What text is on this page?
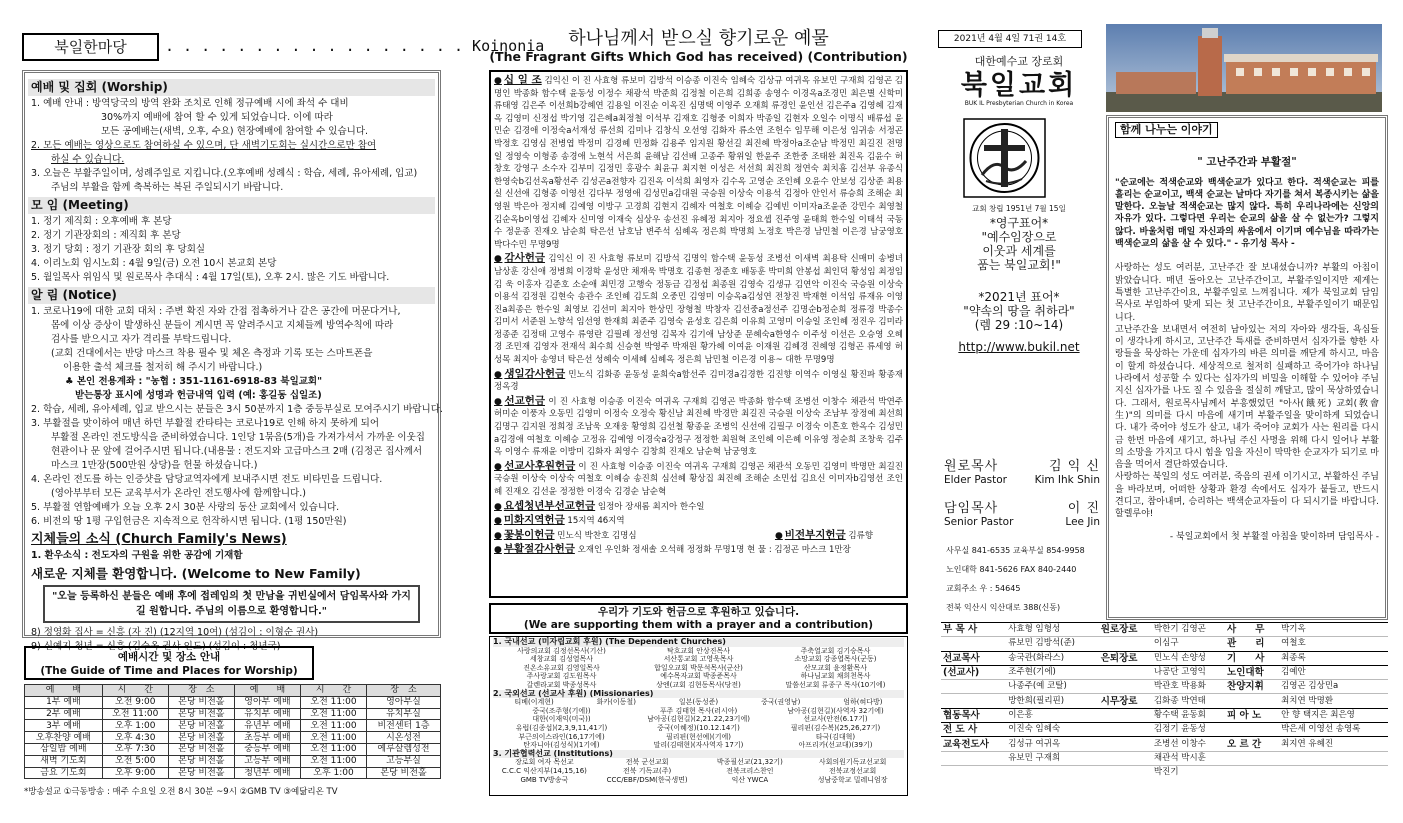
북일한마당	. . . . . . . . . . . . . . . . . Koinonia
예배 및 집회 (Worship)
1. 예배 안내 : 방역당국의 방역 완화 조치로 인해 정규예배 시에 좌석 수 대비
30%까지 예배에 참여 할 수 있게 되었습니다. 이에 따라
모든 공예배는(새벽, 오후, 수요) 현장예배에 참여할 수 있습니다.
2. 모든 예배는 영상으로도 참여하실 수 있으며, 단 새벽기도회는 실시간으로만 참여
하실 수 있습니다.
3. 오늘은 부활주일이며, 성례주일로 지킵니다.(오후예배 성례식 : 학습, 세례, 유아세례, 입교)
주님의 부활을 함께 축복하는 복된 주일되시기 바랍니다.
모 임 (Meeting)
1. 정기 제직회 : 오후예배 후 본당
2. 정기 기관장회의 : 제직회 후 본당
3. 정기 당회 : 정기 기관장 회의 후 당회실
4. 이리노회 임시노회 : 4월 9일(금) 오전 10시 본교회 본당
5. 월일목사 위임식 및 원로목사 추대식 : 4월 17일(토), 오후 2시. 많은 기도 바랍니다.
알 림 (Notice)
1. 코로나19에 대한 교회 대처 : 주변 확진 자와 간접 접촉하거나 같은 공간에 머문다거나,
몸에 이상 증상이 발생하신 분들이 계시면 꼭 알려주시고 지체들께 방역수칙에 따라
검사를 받으시고 자가 격리를 부탁드립니다.
(교회 건대에서는 반당 마스크 착용 필수 및 체온 측정과 기록 또는 스마트폰을
이용한 출석 체크를 철저히 해 주시기 바랍니다.)
♣ 본인 전용계좌 : "농협 : 351-1161-6918-83 북일교회"
받는통장 표시에 성명과 헌금내역 입력 (예: 홍길동 십일조)
2. 학습, 세례, 유아세례, 입교 받으시는 분들은 3시 50분까지 1층 중등부실로 모여주시기 바랍니다.
3. 부활절을 맞이하여 매년 하던 부활절 칸타타는 코로나19로 인해 하지 못하게 되어
부활절 온라인 전도방식을 준비하였습니다. 1인당 1묶음(5개)을 가져가셔서 가까운 이웃집
현관이나 문 앞에 걸어주시면 됩니다.(내용물 : 전도지와 고급마스크 2매 (김정곤 집사께서
마스크 1만장(500만원 상당)을 헌물 하셨습니다.)
4. 온라인 전도를 하는 인증샷을 담당교역자에게 보내주시면 전도 비타민을 드립니다.
(영아부부터 모든 교육부서가 온라인 전도행사에 함께합니다.)
5. 부활절 연합예배가 오늘 오후 2시 30분 사랑의 동산 교회에서 있습니다.
6. 비전의 땅 1평 구입헌금은 지속적으로 헌작하시면 됩니다. (1평 150만원)
지체들의 소식 (Church Family's News)
1. 환우소식 : 전도자의 구원을 위한 공감에 기재함
새로운 지체를 환영합니다. (Welcome to New Family)
"오늘 등록하신 분들은 예배 후에 접레임의 첫 만남을 귀빈실에서 담임목사와 가지길 원합니다. 주님의 이름으로 환영합니다."
8) 정영화 집사 = 신흥 (자 진) (12지역 10여) (섬김이 : 이형순 권사)
9) 신예지 청년 = 신흥 (김수옥 권사 인도) (섬김이 : 청년국)
예배시간 및 장소 안내
(The Guide of Time and Places for Worship)
예　　배	시　　간	장　소	예　　배	시　　간	장　소
1부 예배	오전 9:00	본당 비전홀	영아부 예배	오전 11:00	영아부실
2부 예배	오전 11:00	본당 비전홀	유치부 예배	오전 11:00	유치부실
3부 예배	오후 1:00	본당 비전홀	유년부 예배	오전 11:00	비전센터 1층
오후찬양 예배	오후 4:30	본당 비전홀	초등부 예배	오전 11:00	시온성전
삼일밤 예배	오후 7:30	본당 비전홀	중등부 예배	오전 11:00	예루살렘성전
새벽 기도회	오전 5:00	본당 비전홀	고등부 예배	오전 11:00	고등부실
금요 기도회	오후 9:00	본당 비전홀	청년부 예배	오후 1:00	본당 비전홀
*방송설교 ①극동방송 : 매주 수요일 오전 8시 30분 ~9시 ②GMB TV ③예닮리온 TV
하나님께서 받으실 향기로운 예물
(The Fragrant Gifts Which God has received) (Contribution)
● 십 일 조 김익신 이 진 사효형 류보미 김방석 이승종 이진숙 임혜숙 김상규 여귀옥 유보민 구재희 김영곤 김명인 박종화 함수택 윤동성 이정수 채광석 박준희 김정철 이은희 김희종 송영수 이경옥a조경민 최은별 신학미 류태영 김은주 이선희b강혜연 김용일 이진순 이옥진 심명택 이영주 오재희 류경인 윤인선 김은주a 김영혜 김재옥 김영미 신정섭 박기영 김은혜a최정철 이석부 김재호 김형중 이희자 박종일 김현자 오일수 이명식 배류섭 윤민순 김경애 이정숙a서재성 류선희 김미나 김창식 오선영 김화자 류소연 조헌수 임무해 이은성 임귀송 서정곤 박정호 김영심 전병엽 박정미 김경혜 민정화 김용주 임지원 황선길 최진혜 박정아a조순남 박정민 최길진 전명일 정영숙 이형종 송경애 노현석 서은희 윤해남 김선배 고종주 황위일 한윤주 조한중 조태완 최진옥 김윤수 허창호 강영구 소수자 김부미 김정민 홍광수 최윤규 최지현 이성은 서선희 최진희 정연숙 최치흠 김선부 유종식 한영숙b김선옥a황선주 김성곤a전향자 김진옥 이석희 최영자 김수옥 고영순 조인혜 오윤수 안보성 김상준 최용실 신선애 김형종 이영선 김다부 정영애 김성민a김대원 국승원 이상숙 이용석 김정아 안인서 류승희 조해순 최영원 박은아 정지혜 김예영 이방구 고경희 김현지 김혜자 여철호 이혜승 김예빈 이미자a조윤준 강민수 최영철 김순옥b이영섭 김혜자 신미영 이재숙 심상우 송선진 유혜정 최지아 정요셉 진주영 윤태희 한수일 이태석 국동수 정운종 진재오 남순희 탁은선 남호남 변주석 심혜옥 정은희 박명희 노정호 박은경 남민철 이은경 남궁영호 박다수민 무명9명
● 감사헌금 김익신 이 진 사효형 류보미 김방석 김명익 함수택 윤동성 조병선 이새벽 최용탁 신매미 송병녀 남상훈 강신애 정병희 이경학 윤성만 채재욱 박명호 김종현 정준호 배동훈 박미희 안봉섭 최인덕 황성임 최정임 김 욱 이홍자 김준호 소순애 최민경 고행숙 정동금 김정섭 최종원 김영숙 김생규 김연악 이진숙 국승원 이상숙 이용석 김정원 김현숙 송관수 조인혜 김도희 오중민 김영미 이승옥a김성연 전창진 박재현 이석임 류재유 이영진a최종은 한수일 최영보 김선미 최지아 한상민 장형철 박창자 김선중a정선주 김명순b정순희 정류경 박종수 김미서 서준원 노향석 임선영 한재희 최준주 김영숙 윤성호 김은희 이유희 고영미 이승일 조인혜 정진우 김미라 정종준 김정태 고영수 류영란 김필례 정선영 김목자 김기애 남상준 문혜숙a한영수 이주성 이선은 오승영 오혜경 조민재 김영자 전재석 최수희 신승현 박영주 박재원 황가혜 이여윤 이재원 김혜경 진혜영 김형곤 류세영 허성목 최지아 송영녀 탁은선 성혜숙 이세혜 심혜옥 정은희 남민철 이은경 이용~ 대한 무명9명
● 생일감사헌금 민노식 김화종 윤동성 윤희숙a함선주 김미경a김경한 김진향 이역수 이영실 황진파 황종재 정옥경
● 선교헌금 이 진 사효형 이승종 이진숙 여귀옥 구재희 김영곤 박종화 함수택 조병선 이창수 채관석 박연주 허미순 이풍자 오동민 김영미 이정숙 오정숙 황신남 최진혜 박경만 최길진 국승원 이상숙 조남부 장정예 최선희 김명구 김지원 정희정 조남욱 오재웅 황영희 김선철 황종윤 조병익 신선애 김필구 이경숙 이흔호 한옥수 김성민a김경애 여철호 이혜승 고정유 김예영 이경숙a강정구 정정한 최원혁 조인혜 이은혜 이유영 정순희 조창욱 김주옥 이영수 류재윤 이방미 김화자 최영수 김창희 진재오 남순혁 남궁영호
● 선교사후원헌금 이 진 사효형 이승종 이진숙 여귀옥 구재희 김영곤 채관석 오동민 김영미 박명만 최길진 국승원 이상숙 이상숙 여철호 이혜승 송진희 심선혜 황상집 최진혜 조해순 소민섭 김요신 이미자b김영선 조인혜 진재오 김선윤 정정한 이경숙 김경순 남순혁
● 요셉청년부선교헌금 임정아 장새롬 최지아 한수일
● 미화지역헌금 15지역 46지역
● 꽃봉이헌금 민노식 박찬호 김명심	● 비전부지헌금 김류향
● 부활절감사헌금 오재인 우인화 정새솔 오석해 정정화 무명1명 현 물 : 김정곤 마스크 1만장
우리가 기도와 헌금으로 후원하고 있습니다.
(We are supporting them with a prayer and a contribution)
1. 국내선교 (미자립교회 후원) (The Dependent Churches)
사랑의교회 김정선목사(기산)	탁흐교회 안상진목사	주축열교회 김기승목사
세창교회 김성열목사	서산통교회 고영욱목사	소망교회 강종엽목사(군동)
진온소유교회 김영일목사	합일오교회 박문석목사(군산)	산모교회 윤정환목사
주사랑교회 김도원목사	예수목자교회 박종준목사	하나님교회 채희천목사
갈렌라교회 박종성목사	상엔(교회 김현동목사(당전)	말씀선교회 류종구 목사(10기에)
2. 국외선교 (선교사 후원) (Missionaries)
티베(이계현)	화카(이동철)	일본(동성준)	중국(권영남)	엄하(혀다방)
중국(조주형(기에))	푸주 김태현 목사(러시아)	남아공(김현길)(사역자 32기에)
대한(이재익(미국))	남아공(김현길)(2,21.22,23기에)	선교사(안전(6.17기)
유럽(김종섭)(2,3,9,11,41기)	중국(이혜정)(10.12.14기)	필리핀(김수복)(25,26,27기)
부근의이스라인(16,17기에)	필리핀(현선예)(기에)	타국(김대혁)
탄자니아(김성식)(1기에)	말리(김태현)(자사역자 17기)	아프리카(선교대)(39기)
3. 기관협력선교 (Institutions)
장로회 여자 목선교	전북 군선교회	박종필선교(21,32기)	사회의원기독교선교회
C.C.C 익산지부(14,15,16)	전북 기독교(주)	전북크리스찬인	전북교정선교회
GMB TV방송국	CCC/EBF/DSM(한국생면)	익산 YWCA	성남중학교 밀레니엄장
2021년 4월 4일 71권 14호
대한예수교 장로회
북일교회
BUK IL Presbyterian Church in Korea
교회 창립 1951년 7월 15일
*영구표어*
"예수임장으로
이웃과 세계를
품는 북일교회!"
*2021년 표어*
"약속의 땅을 취하라"
(렘 29 :10~14)
http://www.bukil.net
원로목사	김 익 신
Elder Pastor	Kim Ihk Shin
담임목사	이 진
Senior Pastor	Lee Jin
사무실 841-6535 교육부실 854-9958
노인대학 841-5626 FAX 840-2440
교회주소 우 : 54645
전북 익산시 익산대로 388(신동)
함께 나누는 이야기
" 고난주간과 부활절"
"순교에는 적색순교와 백색순교가 있다고 한다. 적색순교는 피를 흘리는 순교이고, 백색 순교는 날마다 자기를 쳐서 복종시키는 삶을 말한다. 오늘날 적색순교는 많지 않다. 특히 우리나라에는 신앙의 자유가 있다. 그렇다면 우리는 순교의 삶을 살 수 없는가? 그렇지 않다. 바울처럼 매일 자신과의 싸움에서 이기며 예수님을 따라가는 백색순교의 삶을 살 수 있다." - 유기성 목사 -
사랑하는 성도 여러분, 고난주간 잘 보내셨습니까? 부활의 아침이 밝았습니다. 매년 돌아오는 고난주간이고, 부활주일이지만 제게는 특별한 고난주간이요, 부활주일로 느껴집니다. 제가 북일교회 담임목사로 부임하여 맞게 되는 첫 고난주간이요, 부활주일이기 때문입니다.
고난주간을 보내면서 여전히 남아있는 저의 자아와 생각들, 욕심들이 생각나게 하시고, 고난주간 특새를 준비하면서 십자가를 향한 사랑들을 묵상하는 가운데 십자가의 바른 의미를 깨닫게 하시고, 마음이 할게 하셨습니다. 세상적으로 철저히 실패하고 죽어가야 하나님 나라에서 성공할 수 있다는 십자가의 비밀을 이해할 수 있어야 주님 지신 십자가를 나도 질 수 있음을 절실히 깨달고, 많이 묵상하였습니다. 그래서, 원로목사님께서 부흥했었던 "아사(餓死) 교회(敎會生)"의 의미를 다시 마음에 새기며 부활주일을 맞이하게 되었습니다. 내가 죽어야 성도가 살고, 내가 죽어야 교회가 사는 원리를 다시금 한번 마음에 새기고, 하나님 주신 사명을 위해 다시 일어나 부활의 소망을 가지고 다시 힘을 입을 자신이 막막한 순교자가 되기로 마음을 먹어서 결단하였습니다.
사랑하는 북일의 성도 여러분, 죽음의 권세 이기시고, 부활하신 주님을 바라보며, 어떠한 상황과 환경 속에서도 십자가 붙들고, 반드시 견디고, 참아내며, 승리하는 백색순교자들이 다 되시기를 바랍니다. 할렐루야!
- 북일교회에서 첫 부활절 아침을 맞이하며 담임목사 -
부 목 사	사효형 임형성	원로장로	박한기 김영곤	사　　무	박기옥
	류보민 김방석(준)		이심구	관　　리	여철호
선교목사	송국관(화라스)	은퇴장로	민노식 손양성	기　　사	최종록
(선교사)	조주현(기에)		나공단 고영익	노인대학	김예안
	나종주(예 코탈)		박관호 박용화	찬양지휘	김영곤 김상민a
	방한희(필리핀)	시무장로	김화종 박연태		최치연 박명환
협동목사	이은흥		황수택 윤동회	피 아 노	안 향 택지은 최은영
전 도 사	이진숙 임혜숙		김정기 윤동성		박은세 이영선 송영록
교육전도사	김성규 여귀옥		조병선 이창수	오 르 간	최지연 유혜진
	유보민 구재희		채관석 박시훈		
			박진기		
